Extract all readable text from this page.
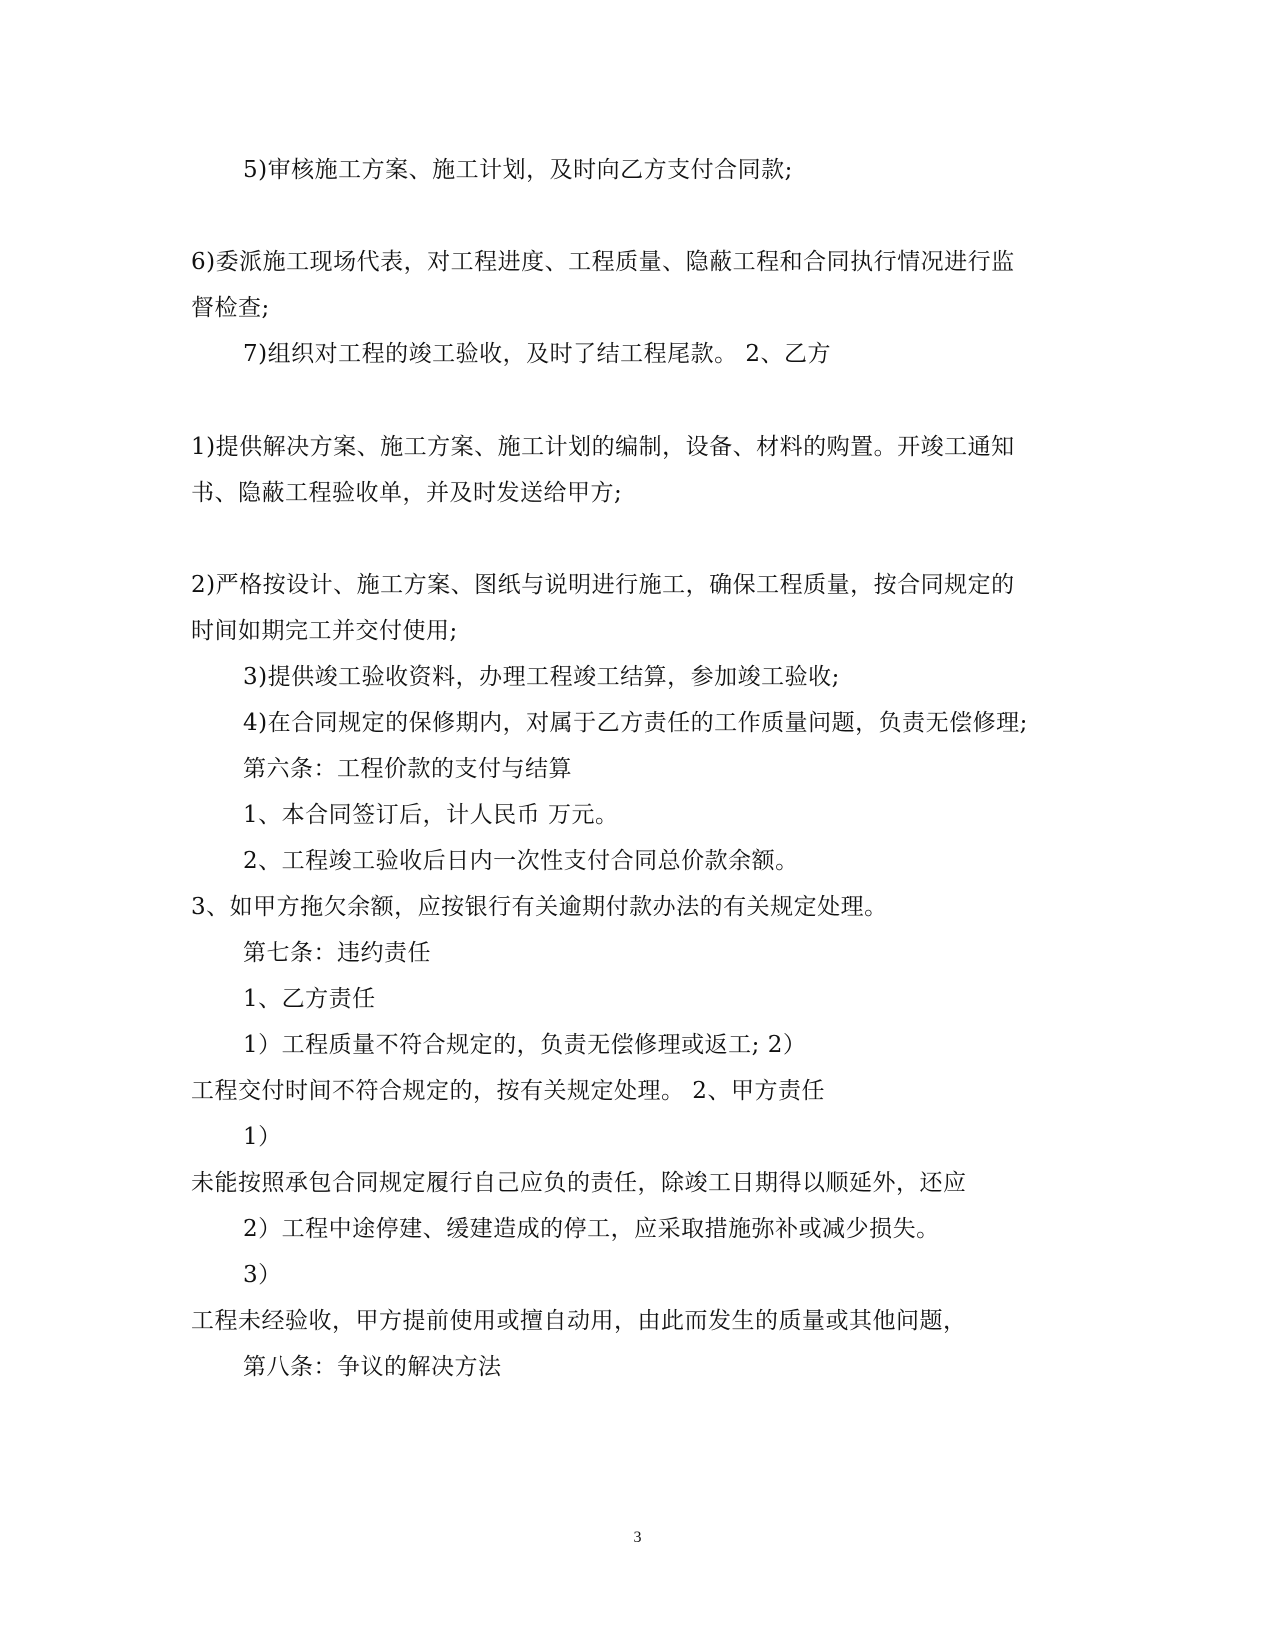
5)审核施工方案、施工计划，及时向乙方支付合同款;
6)委派施工现场代表，对工程进度、工程质量、隐蔽工程和合同执行情况进行监
督检查;
7)组织对工程的竣工验收，及时了结工程尾款。 2、乙方
1)提供解决方案、施工方案、施工计划的编制，设备、材料的购置。开竣工通知
书、隐蔽工程验收单，并及时发送给甲方;
2)严格按设计、施工方案、图纸与说明进行施工，确保工程质量，按合同规定的
时间如期完工并交付使用;
3)提供竣工验收资料，办理工程竣工结算，参加竣工验收;
4)在合同规定的保修期内，对属于乙方责任的工作质量问题，负责无偿修理;
第六条：工程价款的支付与结算
1、本合同签订后，计人民币 万元。
2、工程竣工验收后日内一次性支付合同总价款余额。
3、如甲方拖欠余额，应按银行有关逾期付款办法的有关规定处理。
第七条：违约责任
1、乙方责任
1）工程质量不符合规定的，负责无偿修理或返工; 2）
工程交付时间不符合规定的，按有关规定处理。 2、甲方责任
1）
未能按照承包合同规定履行自己应负的责任，除竣工日期得以顺延外，还应
2）工程中途停建、缓建造成的停工，应采取措施弥补或减少损失。
3）
工程未经验收，甲方提前使用或擅自动用，由此而发生的质量或其他问题，
第八条：争议的解决方法
3
